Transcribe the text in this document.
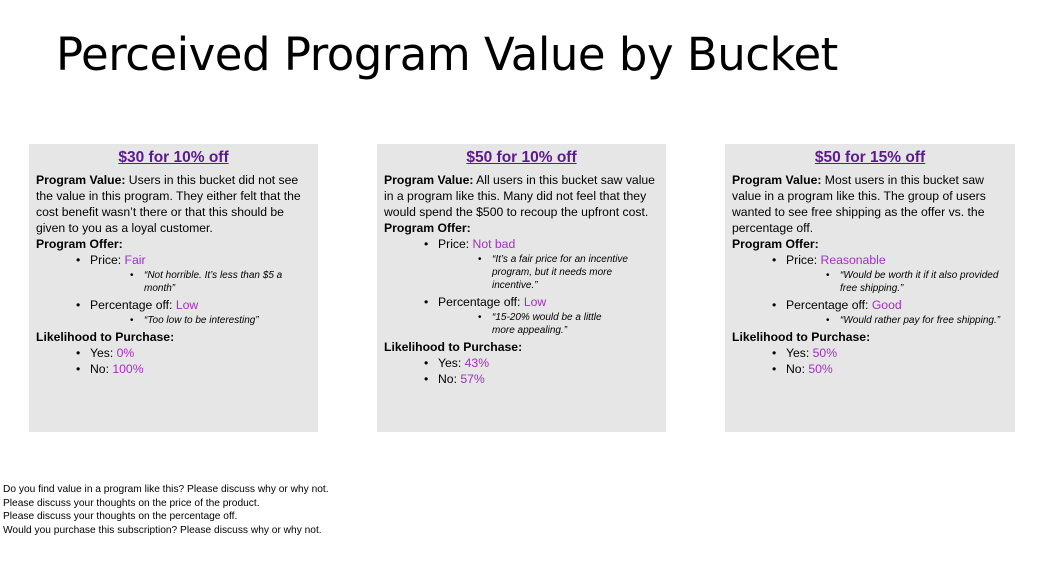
Perceived Program Value by Bucket
$30 for 10% off
Program Value: Users in this bucket did not see the value in this program. They either felt that the cost benefit wasn’t there or that this should be given to you as a loyal customer.
Program Offer:
• Price: Fair
• “Not horrible. It’s less than $5 a month”
• Percentage off: Low
• “Too low to be interesting”
Likelihood to Purchase:
• Yes: 0%
• No: 100%
$50 for 10% off
Program Value: All users in this bucket saw value in a program like this. Many did not feel that they would spend the $500 to recoup the upfront cost.
Program Offer:
• Price: Not bad
• “It’s a fair price for an incentive program, but it needs more incentive.”
• Percentage off: Low
• “15-20% would be a little more appealing.”
Likelihood to Purchase:
• Yes: 43%
• No: 57%
$50 for 15% off
Program Value: Most users in this bucket saw value in a program like this. The group of users wanted to see free shipping as the offer vs. the percentage off.
Program Offer:
• Price: Reasonable
• “Would be worth it if it also provided free shipping.”
• Percentage off: Good
• “Would rather pay for free shipping.”
Likelihood to Purchase:
• Yes: 50%
• No: 50%
Do you find value in a program like this? Please discuss why or why not.
Please discuss your thoughts on the price of the product.
Please discuss your thoughts on the percentage off.
Would you purchase this subscription? Please discuss why or why not.
